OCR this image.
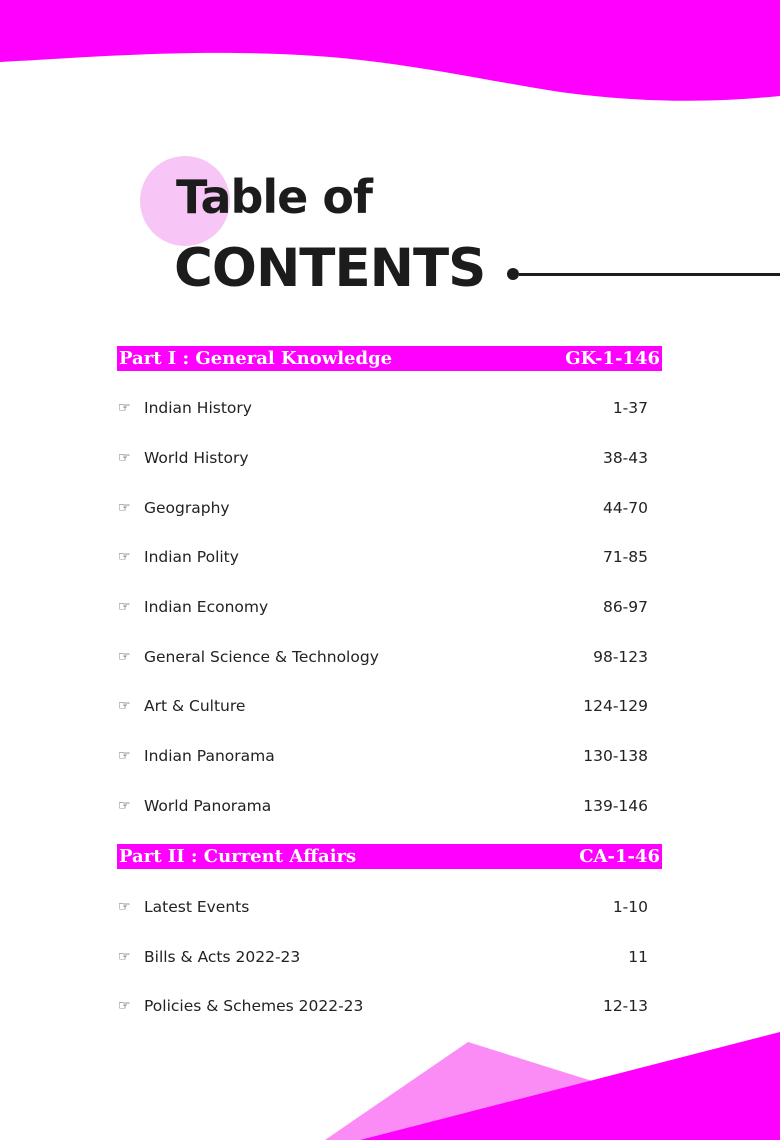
Table of
CONTENTS
Part I : General Knowledge	GK-1-146
☞ Indian History	1-37
☞ World History	38-43
☞ Geography	44-70
☞ Indian Polity	71-85
☞ Indian Economy	86-97
☞ General Science & Technology	98-123
☞ Art & Culture	124-129
☞ Indian Panorama	130-138
☞ World Panorama	139-146
Part II : Current Affairs	CA-1-46
☞ Latest Events	1-10
☞ Bills & Acts 2022-23	11
☞ Policies & Schemes 2022-23	12-13
